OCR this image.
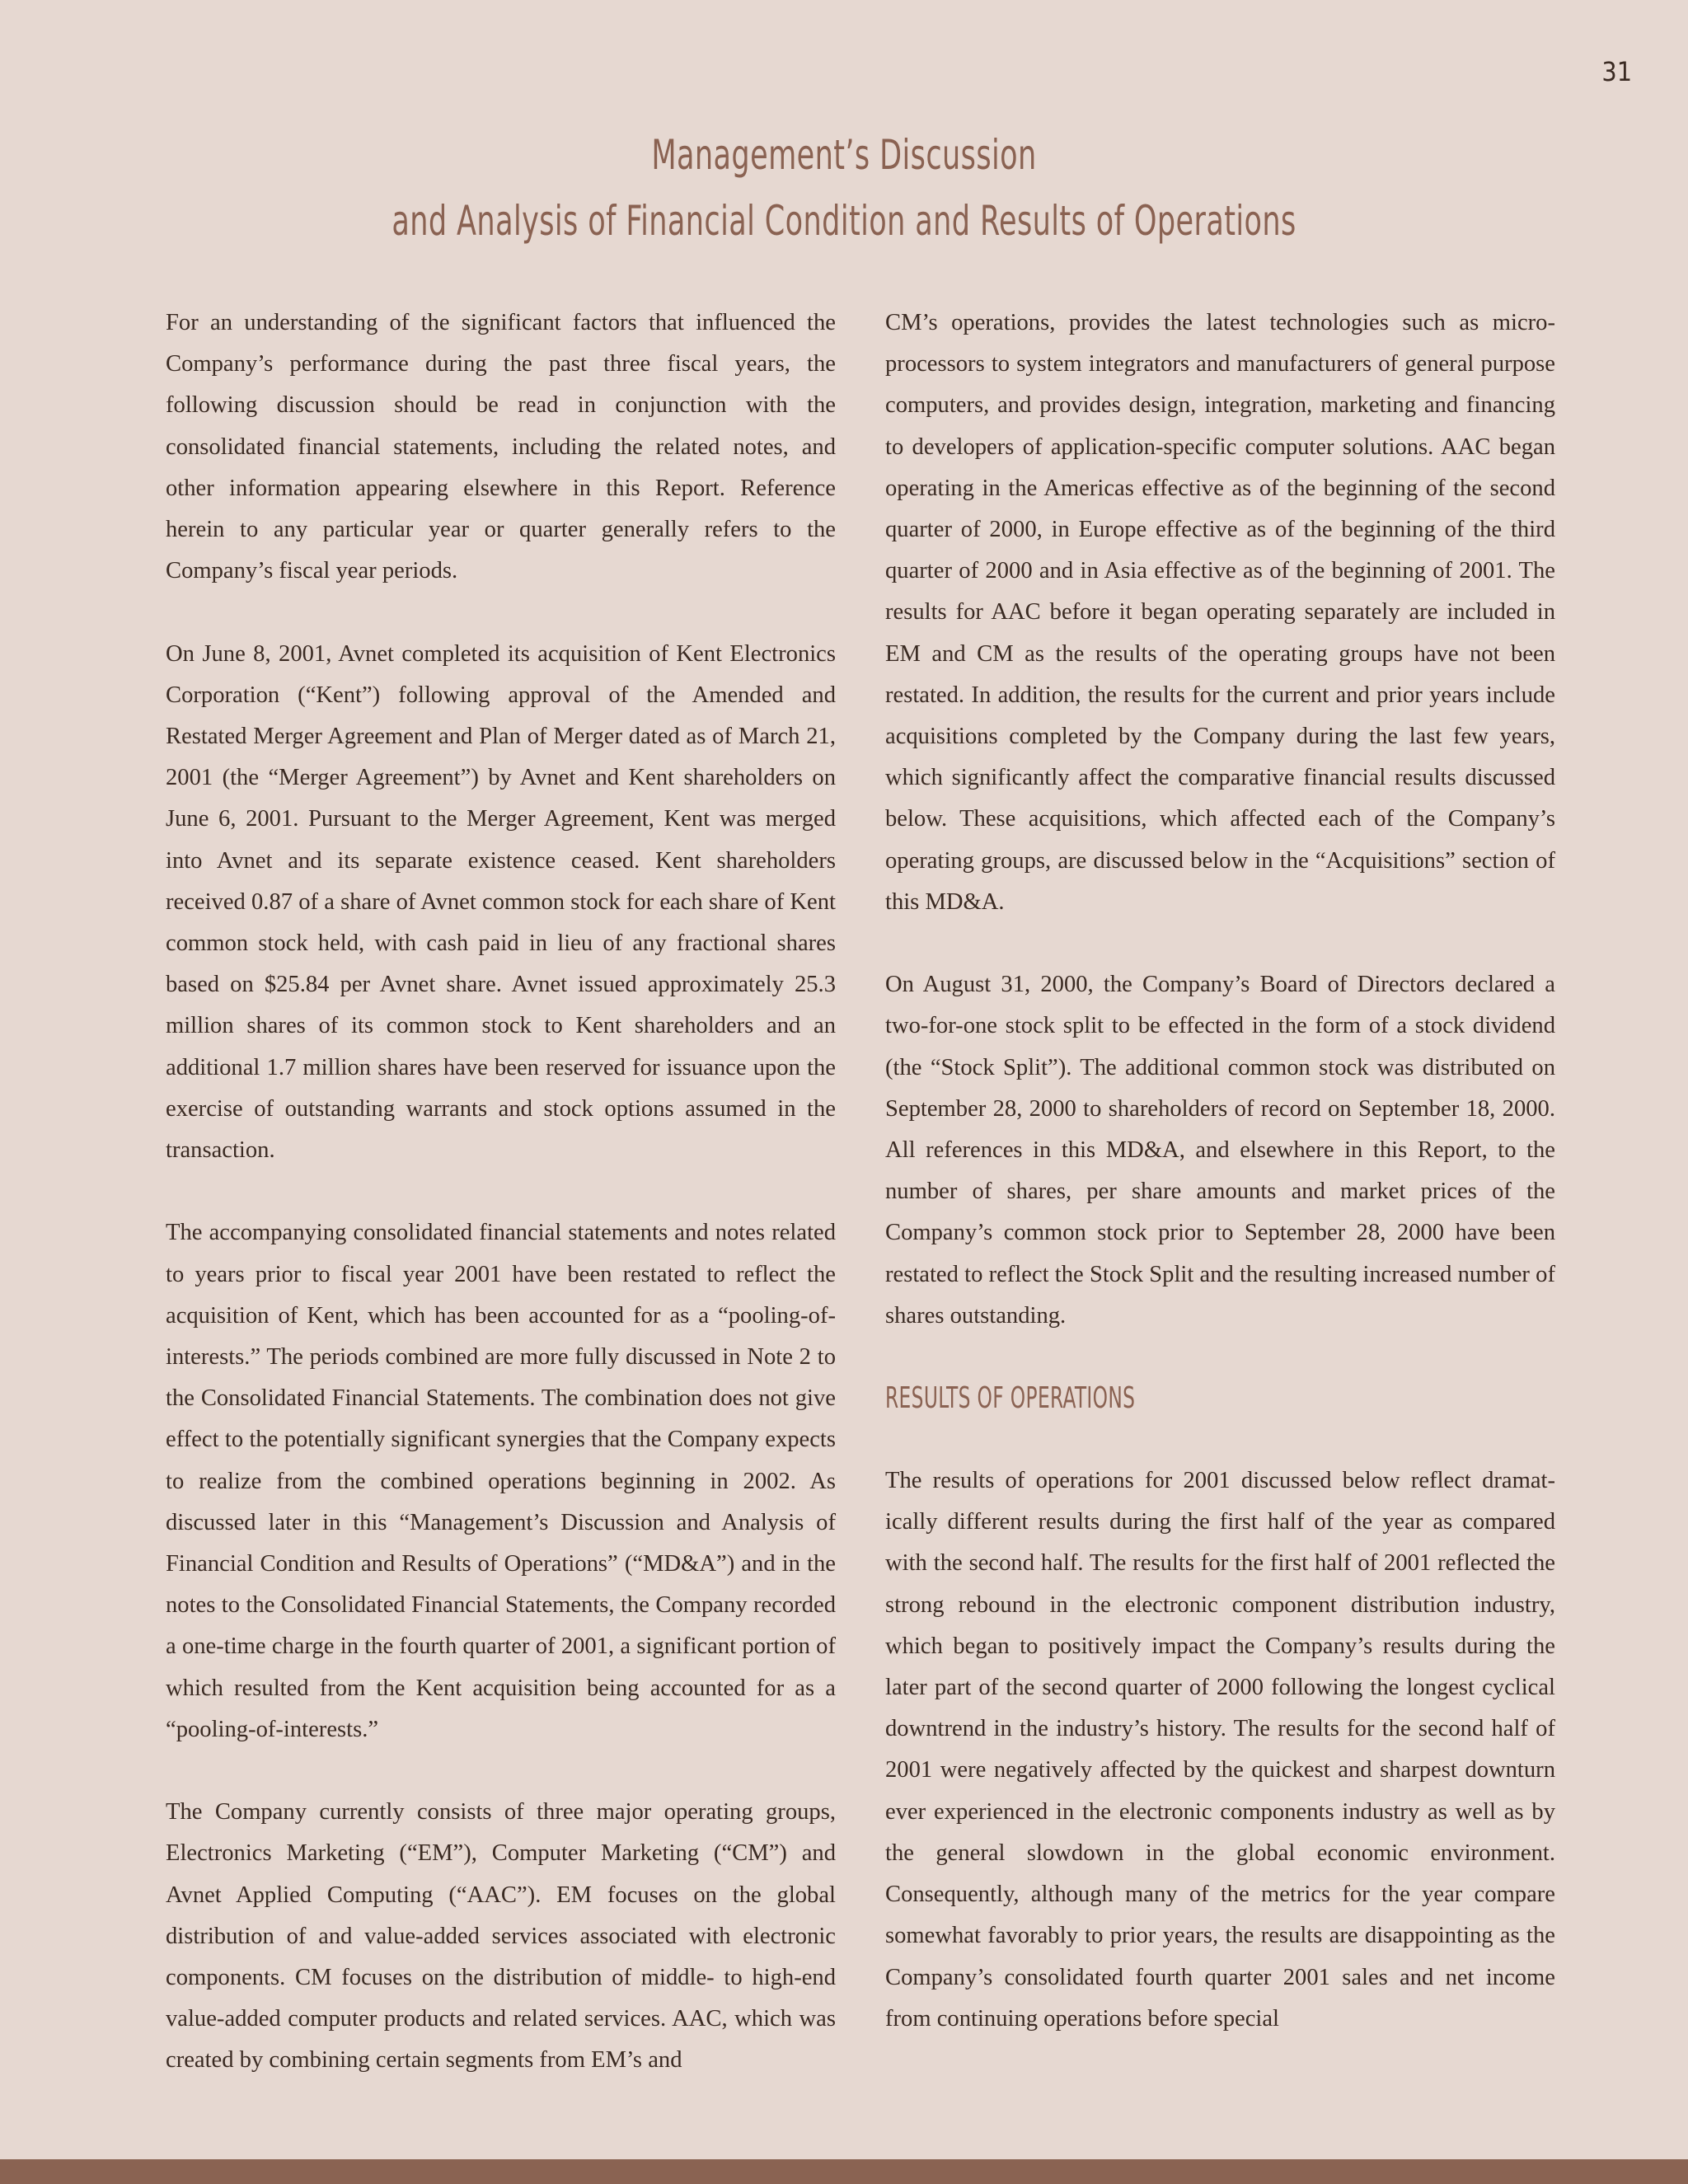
31
Management’s Discussion
and Analysis of Financial Condition and Results of Operations

For an understanding of the significant factors that influenced the Company’s performance during the past three fiscal years, the following discussion should be read in conjunction with the consolidated financial statements, including the related notes, and other information appearing elsewhere in this Report. Reference herein to any particular year or quarter generally refers to the Company’s fiscal year periods.

On June 8, 2001, Avnet completed its acquisition of Kent Electronics Corporation (“Kent”) following approval of the Amended and Restated Merger Agreement and Plan of Merger dated as of March 21, 2001 (the “Merger Agreement”) by Avnet and Kent shareholders on June 6, 2001. Pursuant to the Merger Agreement, Kent was merged into Avnet and its separate existence ceased. Kent shareholders received 0.87 of a share of Avnet common stock for each share of Kent common stock held, with cash paid in lieu of any fractional shares based on $25.84 per Avnet share. Avnet issued approximately 25.3 million shares of its common stock to Kent shareholders and an additional 1.7 million shares have been reserved for issuance upon the exercise of outstanding warrants and stock options assumed in the transaction.

The accompanying consolidated financial statements and notes related to years prior to fiscal year 2001 have been restated to reflect the acquisition of Kent, which has been accounted for as a “pooling-of-interests.” The periods combined are more fully discussed in Note 2 to the Consolidated Financial Statements. The combination does not give effect to the potentially significant synergies that the Company expects to realize from the combined operations beginning in 2002. As discussed later in this “Management’s Discussion and Analysis of Financial Condition and Results of Operations” (“MD&A”) and in the notes to the Consolidated Financial Statements, the Company recorded a one-time charge in the fourth quarter of 2001, a significant portion of which resulted from the Kent acquisition being accounted for as a “pooling-of-interests.”

The Company currently consists of three major operating groups, Electronics Marketing (“EM”), Computer Marketing (“CM”) and Avnet Applied Computing (“AAC”). EM focuses on the global distribution of and value-added services associated with electronic components. CM focuses on the distribution of middle- to high-end value-added computer products and related services. AAC, which was created by combining certain segments from EM’s and

CM’s operations, provides the latest technologies such as micro-processors to system integrators and manufacturers of general purpose computers, and provides design, integration, marketing and financing to developers of application-specific computer solutions. AAC began operating in the Americas effective as of the beginning of the second quarter of 2000, in Europe effective as of the beginning of the third quarter of 2000 and in Asia effective as of the beginning of 2001. The results for AAC before it began operating separately are included in EM and CM as the results of the operating groups have not been restated. In addition, the results for the current and prior years include acquisitions completed by the Company during the last few years, which significantly affect the comparative financial results discussed below. These acquisitions, which affected each of the Company’s operating groups, are discussed below in the “Acquisitions” section of this MD&A.

On August 31, 2000, the Company’s Board of Directors declared a two-for-one stock split to be effected in the form of a stock dividend (the “Stock Split”). The additional common stock was distributed on September 28, 2000 to shareholders of record on September 18, 2000. All references in this MD&A, and elsewhere in this Report, to the number of shares, per share amounts and market prices of the Company’s common stock prior to September 28, 2000 have been restated to reflect the Stock Split and the resulting increased number of shares outstanding.

RESULTS OF OPERATIONS

The results of operations for 2001 discussed below reflect dramat-ically different results during the first half of the year as compared with the second half. The results for the first half of 2001 reflected the strong rebound in the electronic component distribution industry, which began to positively impact the Company’s results during the later part of the second quarter of 2000 following the longest cyclical downtrend in the industry’s history. The results for the second half of 2001 were negatively affected by the quickest and sharpest downturn ever experienced in the electronic components industry as well as by the general slowdown in the global economic environment. Consequently, although many of the metrics for the year compare somewhat favorably to prior years, the results are disappointing as the Company’s consolidated fourth quarter 2001 sales and net income from continuing operations before special
